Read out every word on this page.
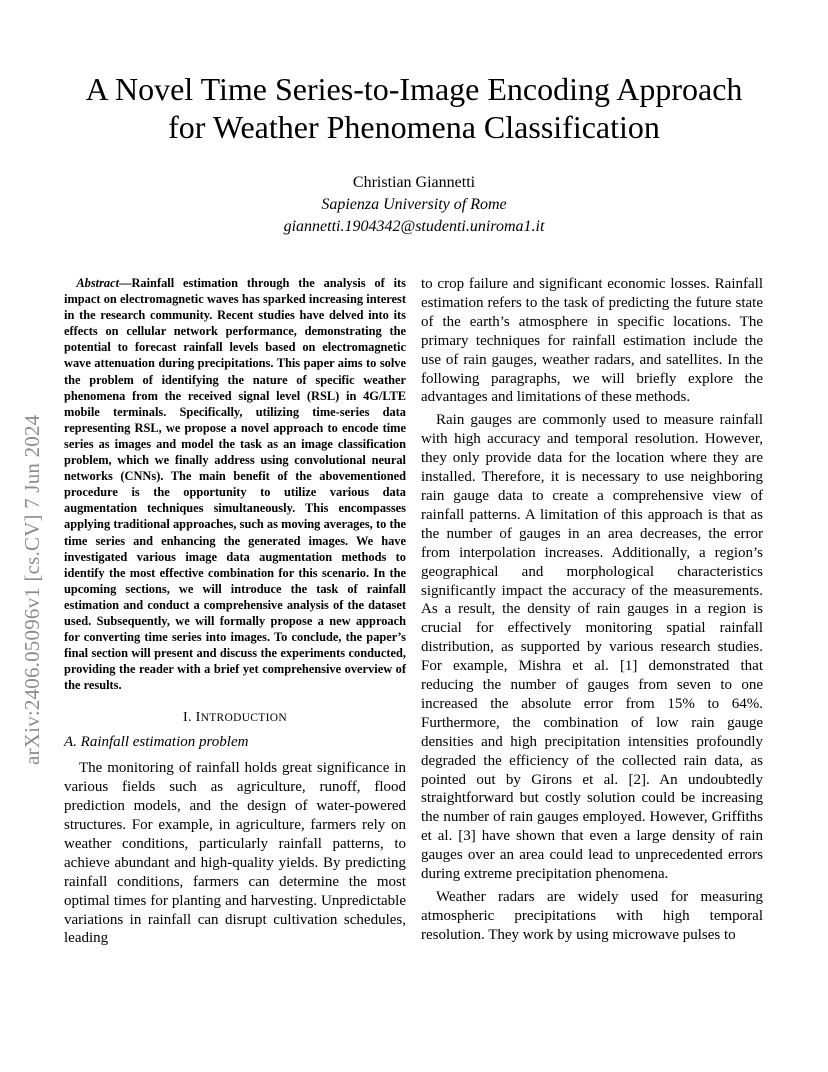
arXiv:2406.05096v1 [cs.CV] 7 Jun 2024
A Novel Time Series-to-Image Encoding Approach
for Weather Phenomena Classification
Christian Giannetti
Sapienza University of Rome
giannetti.1904342@studenti.uniroma1.it

Abstract—Rainfall estimation through the analysis of its impact on electromagnetic waves has sparked increasing interest in the research community. Recent studies have delved into its effects on cellular network performance, demonstrating the potential to forecast rainfall levels based on electromagnetic wave attenuation during precipitations. This paper aims to solve the problem of identifying the nature of specific weather phenomena from the received signal level (RSL) in 4G/LTE mobile terminals. Specifically, utilizing time-series data representing RSL, we propose a novel approach to encode time series as images and model the task as an image classification problem, which we finally address using convolutional neural networks (CNNs). The main benefit of the abovementioned procedure is the opportunity to utilize various data augmentation techniques simultaneously. This encompasses applying traditional approaches, such as moving averages, to the time series and enhancing the generated images. We have investigated various image data augmentation methods to identify the most effective combination for this scenario. In the upcoming sections, we will introduce the task of rainfall estimation and conduct a comprehensive analysis of the dataset used. Subsequently, we will formally propose a new approach for converting time series into images. To conclude, the paper’s final section will present and discuss the experiments conducted, providing the reader with a brief yet comprehensive overview of the results.

I. INTRODUCTION
A. Rainfall estimation problem

The monitoring of rainfall holds great significance in various fields such as agriculture, runoff, flood prediction models, and the design of water-powered structures. For example, in agriculture, farmers rely on weather conditions, particularly rainfall patterns, to achieve abundant and high-quality yields. By predicting rainfall conditions, farmers can determine the most optimal times for planting and harvesting. Unpredictable variations in rainfall can disrupt cultivation schedules, leading

to crop failure and significant economic losses. Rainfall estimation refers to the task of predicting the future state of the earth’s atmosphere in specific locations. The primary techniques for rainfall estimation include the use of rain gauges, weather radars, and satellites. In the following paragraphs, we will briefly explore the advantages and limitations of these methods.

Rain gauges are commonly used to measure rainfall with high accuracy and temporal resolution. However, they only provide data for the location where they are installed. Therefore, it is necessary to use neighboring rain gauge data to create a comprehensive view of rainfall patterns. A limitation of this approach is that as the number of gauges in an area decreases, the error from interpolation increases. Additionally, a region’s geographical and morphological characteristics significantly impact the accuracy of the measurements. As a result, the density of rain gauges in a region is crucial for effectively monitoring spatial rainfall distribution, as supported by various research studies. For example, Mishra et al. [1] demonstrated that reducing the number of gauges from seven to one increased the absolute error from 15% to 64%. Furthermore, the combination of low rain gauge densities and high precipitation intensities profoundly degraded the efficiency of the collected rain data, as pointed out by Girons et al. [2]. An undoubtedly straightforward but costly solution could be increasing the number of rain gauges employed. However, Griffiths et al. [3] have shown that even a large density of rain gauges over an area could lead to unprecedented errors during extreme precipitation phenomena.

Weather radars are widely used for measuring atmospheric precipitations with high temporal resolution. They work by using microwave pulses to
